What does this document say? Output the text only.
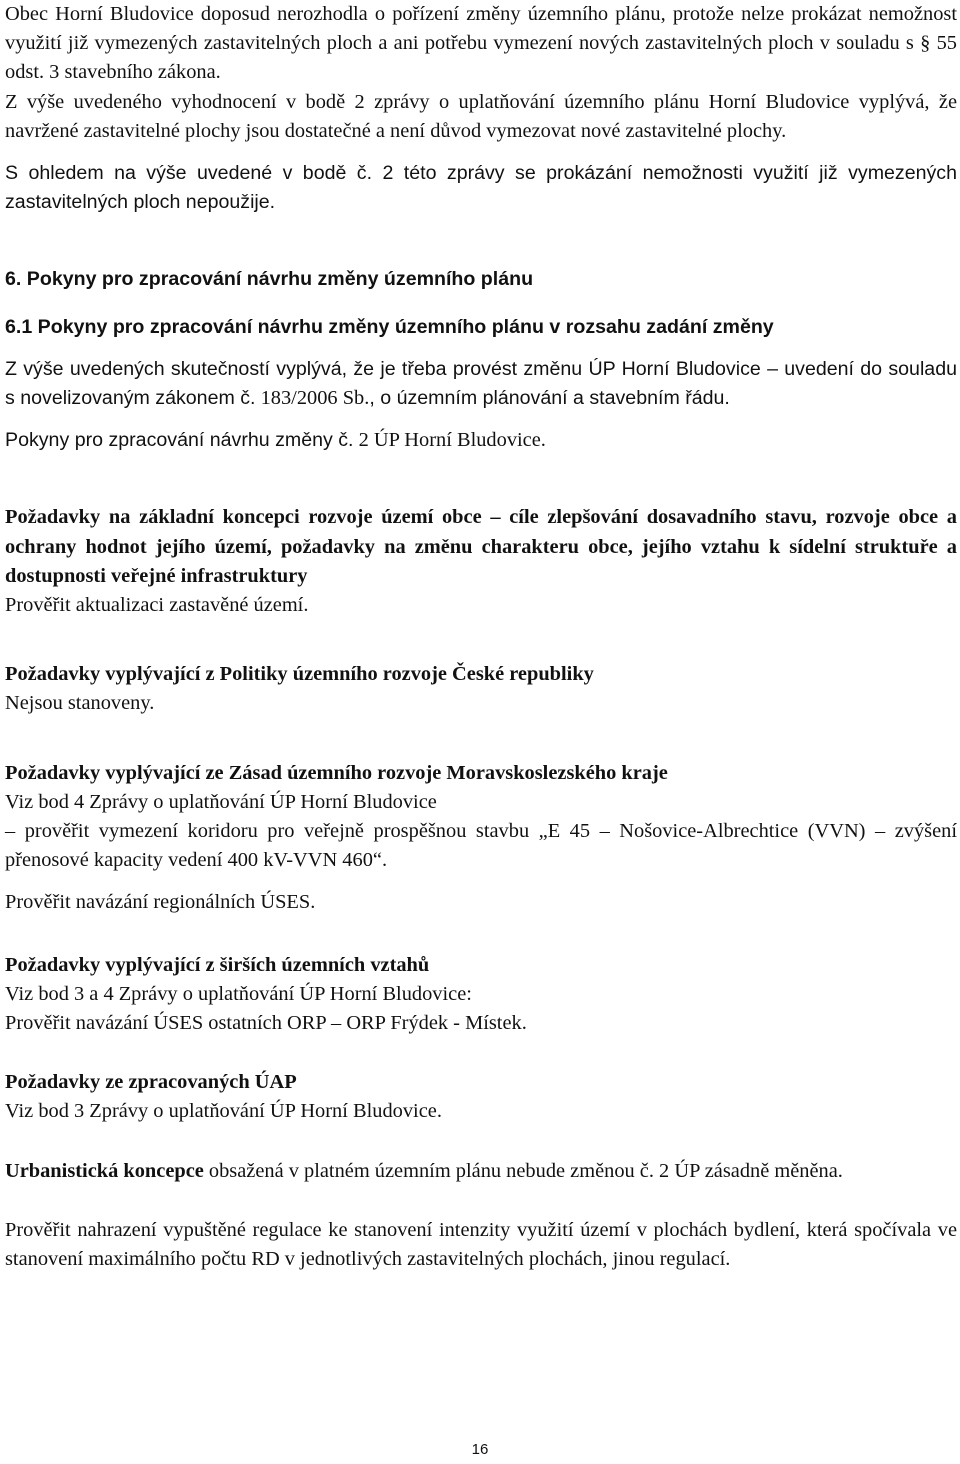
Obec Horní Bludovice doposud nerozhodla o pořízení změny územního plánu, protože nelze prokázat nemožnost využití již vymezených zastavitelných ploch a ani potřebu vymezení nových zastavitelných ploch v souladu s § 55 odst. 3 stavebního zákona.

Z výše uvedeného vyhodnocení v bodě 2 zprávy o uplatňování územního plánu Horní Bludovice vyplývá, že navržené zastavitelné plochy jsou dostatečné a není důvod vymezovat nové zastavitelné plochy.

S ohledem na výše uvedené v bodě č. 2 této zprávy se prokázání nemožnosti využití již vymezených zastavitelných ploch nepoužije.

6. Pokyny pro zpracování návrhu změny územního plánu

6.1 Pokyny pro zpracování návrhu změny územního plánu v rozsahu zadání změny

Z výše uvedených skutečností vyplývá, že je třeba provést změnu ÚP Horní Bludovice – uvedení do souladu s novelizovaným zákonem č. 183/2006 Sb., o územním plánování a stavebním řádu.

Pokyny pro zpracování návrhu změny č. 2 ÚP Horní Bludovice.

Požadavky na základní koncepci rozvoje území obce – cíle zlepšování dosavadního stavu, rozvoje obce a ochrany hodnot jejího území, požadavky na změnu charakteru obce, jejího vztahu k sídelní struktuře a dostupnosti veřejné infrastruktury

Prověřit aktualizaci zastavěné území.

Požadavky vyplývající z Politiky územního rozvoje České republiky

Nejsou stanoveny.

Požadavky vyplývající ze Zásad územního rozvoje Moravskoslezského kraje

Viz bod 4 Zprávy o uplatňování ÚP Horní Bludovice

– prověřit vymezení koridoru pro veřejně prospěšnou stavbu „E 45 – Nošovice-Albrechtice (VVN) – zvýšení přenosové kapacity vedení 400 kV-VVN 460“.

Prověřit navázání regionálních ÚSES.

Požadavky vyplývající z širších územních vztahů

Viz bod 3 a 4 Zprávy o uplatňování ÚP Horní Bludovice:

Prověřit navázání ÚSES ostatních ORP – ORP Frýdek - Místek.

Požadavky ze zpracovaných ÚAP

Viz bod 3 Zprávy o uplatňování ÚP Horní Bludovice.

Urbanistická koncepce obsažená v platném územním plánu nebude změnou č. 2 ÚP zásadně měněna.

Prověřit nahrazení vypuštěné regulace ke stanovení intenzity využití území v plochách bydlení, která spočívala ve stanovení maximálního počtu RD v jednotlivých zastavitelných plochách, jinou regulací.

16
